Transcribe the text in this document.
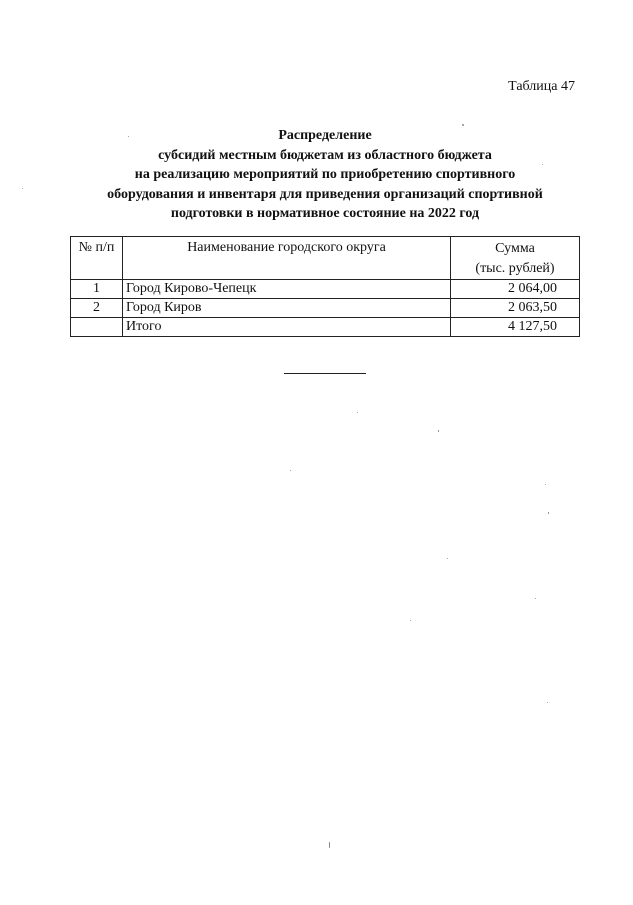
Таблица 47
Распределение
субсидий местным бюджетам из областного бюджета
на реализацию мероприятий по приобретению спортивного
оборудования и инвентаря для приведения организаций спортивной
подготовки в нормативное состояние на 2022 год
№ п/п	Наименование городского округа	Сумма
(тыс. рублей)

1	Город Кирово-Чепецк	2 064,00
2	Город Киров	2 063,50
	Итого	4 127,50
